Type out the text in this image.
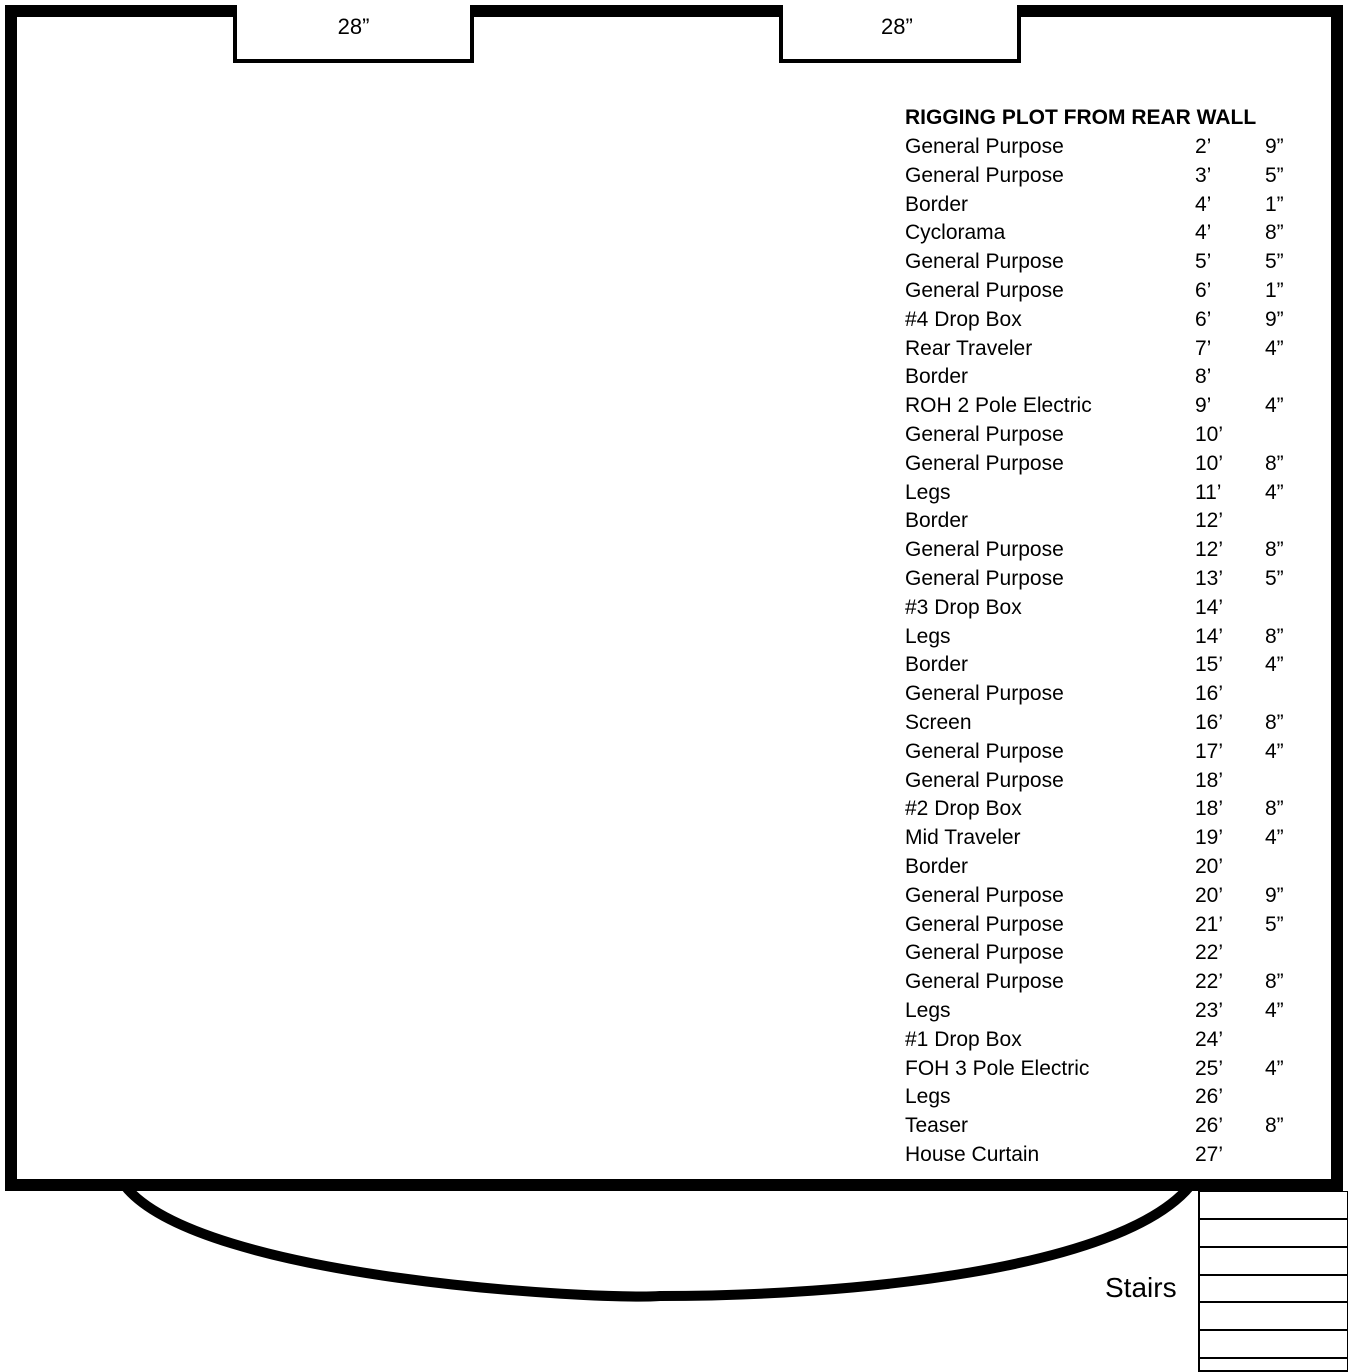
28”	28”
RIGGING PLOT FROM REAR WALL
General Purpose	2’	9”
General Purpose	3’	5”
Border	4’	1”
Cyclorama	4’	8”
General Purpose	5’	5”
General Purpose	6’	1”
#4 Drop Box	6’	9”
Rear Traveler	7’	4”
Border	8’
ROH 2 Pole Electric	9’	4”
General Purpose	10’
General Purpose	10’ 8”
Legs	11’ 4”
Border	12’
General Purpose	12’ 8”
General Purpose	13’ 5”
#3 Drop Box	14’
Legs	14’ 8”
Border	15’ 4”
General Purpose	16’
Screen	16’ 8”
General Purpose	17’ 4”
General Purpose	18’
#2 Drop Box	18’ 8”
Mid Traveler	19’ 4”
Border	20’
General Purpose	20’ 9”
General Purpose	21’ 5”
General Purpose	22’
General Purpose	22’ 8”
Legs	23’ 4”
#1 Drop Box	24’
FOH 3 Pole Electric	25’ 4”
Legs	26’
Teaser	26’ 8”
House Curtain	27’
Stairs
